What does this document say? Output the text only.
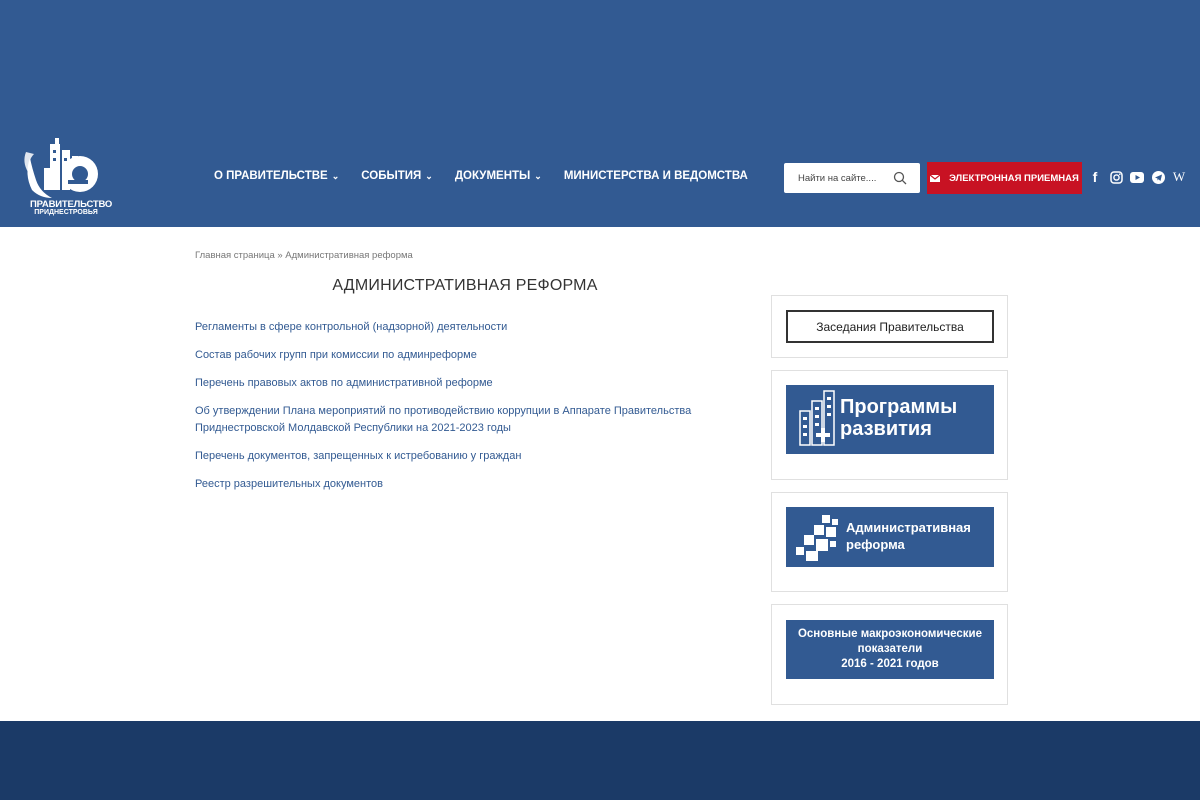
ПРАВИТЕЛЬСТВО
ПРИДНЕСТРОВЬЯ
О ПРАВИТЕЛЬСТВЕ ⌄ СОБЫТИЯ ⌄ ДОКУМЕНТЫ ⌄ МИНИСТЕРСТВА И ВЕДОМСТВА
Найти на сайте....	ЭЛЕКТРОННАЯ ПРИЕМНАЯ f	W
Главная страница » Административная реформа
АДМИНИСТРАТИВНАЯ РЕФОРМА
Регламенты в сфере контрольной (надзорной) деятельности
Состав рабочих групп при комиссии по админреформе
Перечень правовых актов по административной реформе
Об утверждении Плана мероприятий по противодействию коррупции в Аппарате Правительства Приднестровской Молдавской Республики на 2021-2023 годы
Перечень документов, запрещенных к истребованию у граждан
Реестр разрешительных документов
Заседания Правительства
Программы
развития
Административная
реформа
Основные макроэкономические
показатели
2016 - 2021 годов
